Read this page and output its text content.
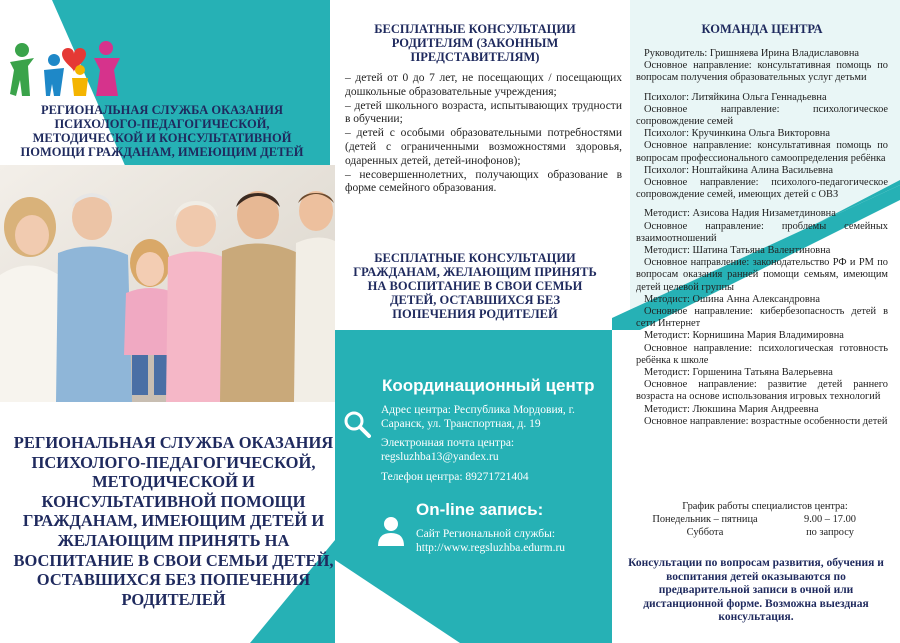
РЕГИОНАЛЬНАЯ СЛУЖБА ОКАЗАНИЯ ПСИХОЛОГО-ПЕДАГОГИЧЕСКОЙ, МЕТОДИЧЕСКОЙ И КОНСУЛЬТАТИВНОЙ ПОМОЩИ ГРАЖДАНАМ, ИМЕЮЩИМ ДЕТЕЙ
РЕГИОНАЛЬНАЯ СЛУЖБА ОКАЗАНИЯ ПСИХОЛОГО-ПЕДАГОГИЧЕСКОЙ, МЕТОДИЧЕСКОЙ И КОНСУЛЬТАТИВНОЙ ПОМОЩИ ГРАЖДАНАМ, ИМЕЮЩИМ ДЕТЕЙ И ЖЕЛАЮЩИМ ПРИНЯТЬ НА ВОСПИТАНИЕ В СВОИ СЕМЬИ ДЕТЕЙ, ОСТАВШИХСЯ БЕЗ ПОПЕЧЕНИЯ РОДИТЕЛЕЙ
БЕСПЛАТНЫЕ КОНСУЛЬТАЦИИ РОДИТЕЛЯМ (ЗАКОННЫМ ПРЕДСТАВИТЕЛЯМ)

– детей от 0 до 7 лет, не посещающих / посещающих дошкольные образовательные учреждения;

– детей школьного возраста, испытывающих трудности в обучении;

– детей с особыми образовательными потребностями (детей с ограниченными возможностями здоровья, одаренных детей, детей-инофонов);

– несовершеннолетних, получающих образование в форме семейного образования.

БЕСПЛАТНЫЕ КОНСУЛЬТАЦИИ ГРАЖДАНАМ, ЖЕЛАЮЩИМ ПРИНЯТЬ НА ВОСПИТАНИЕ В СВОИ СЕМЬИ ДЕТЕЙ, ОСТАВШИХСЯ БЕЗ ПОПЕЧЕНИЯ РОДИТЕЛЕЙ
Координационный центр
Адрес центра: Республика Мордовия, г. Саранск, ул. Транспортная, д. 19
Электронная почта центра: regsluzhba13@yandex.ru
Телефон центра: 89271721404
On-line запись:
Сайт Региональной службы: http://www.regsluzhba.edurm.ru
КОМАНДА ЦЕНТРА

Руководитель: Гришняева Ирина Владиславовна

Основное направление: консультативная помощь по вопросам получения образовательных услуг детьми

Психолог: Литяйкина Ольга Геннадьевна

Основное направление: психологическое сопровождение семей

Психолог: Кручинкина Ольга Викторовна

Основное направление: консультативная помощь по вопросам профессионального самоопределения ребёнка

Психолог: Ноштайкина Алина Васильевна

Основное направление: психолого-педагогическое сопровождение семей, имеющих детей с ОВЗ

Методист: Азисова Надия Низаметдиновна

Основное направление: проблемы семейных взаимоотношений

Методист: Шатина Татьяна Валентиновна

Основное направление: законодательство РФ и РМ по вопросам оказания ранней помощи семьям, имеющим детей целевой группы

Методист: Ошина Анна Александровна

Основное направление: кибербезопасность детей в сети Интернет

Методист: Корнишина Мария Владимировна

Основное направление: психологическая готовность ребёнка к школе

Методист: Горшенина Татьяна Валерьевна

Основное направление: развитие детей раннего возраста на основе использования игровых технологий

Методист: Люкшина Мария Андреевна

Основное направление: возрастные особенности детей

График работы специалистов центра:
Понедельник – пятница	9.00 – 17.00
Суббота	по запросу
Консультации по вопросам развития, обучения и воспитания детей оказываются по предварительной записи в очной или дистанционной форме. Возможна выездная консультация.
